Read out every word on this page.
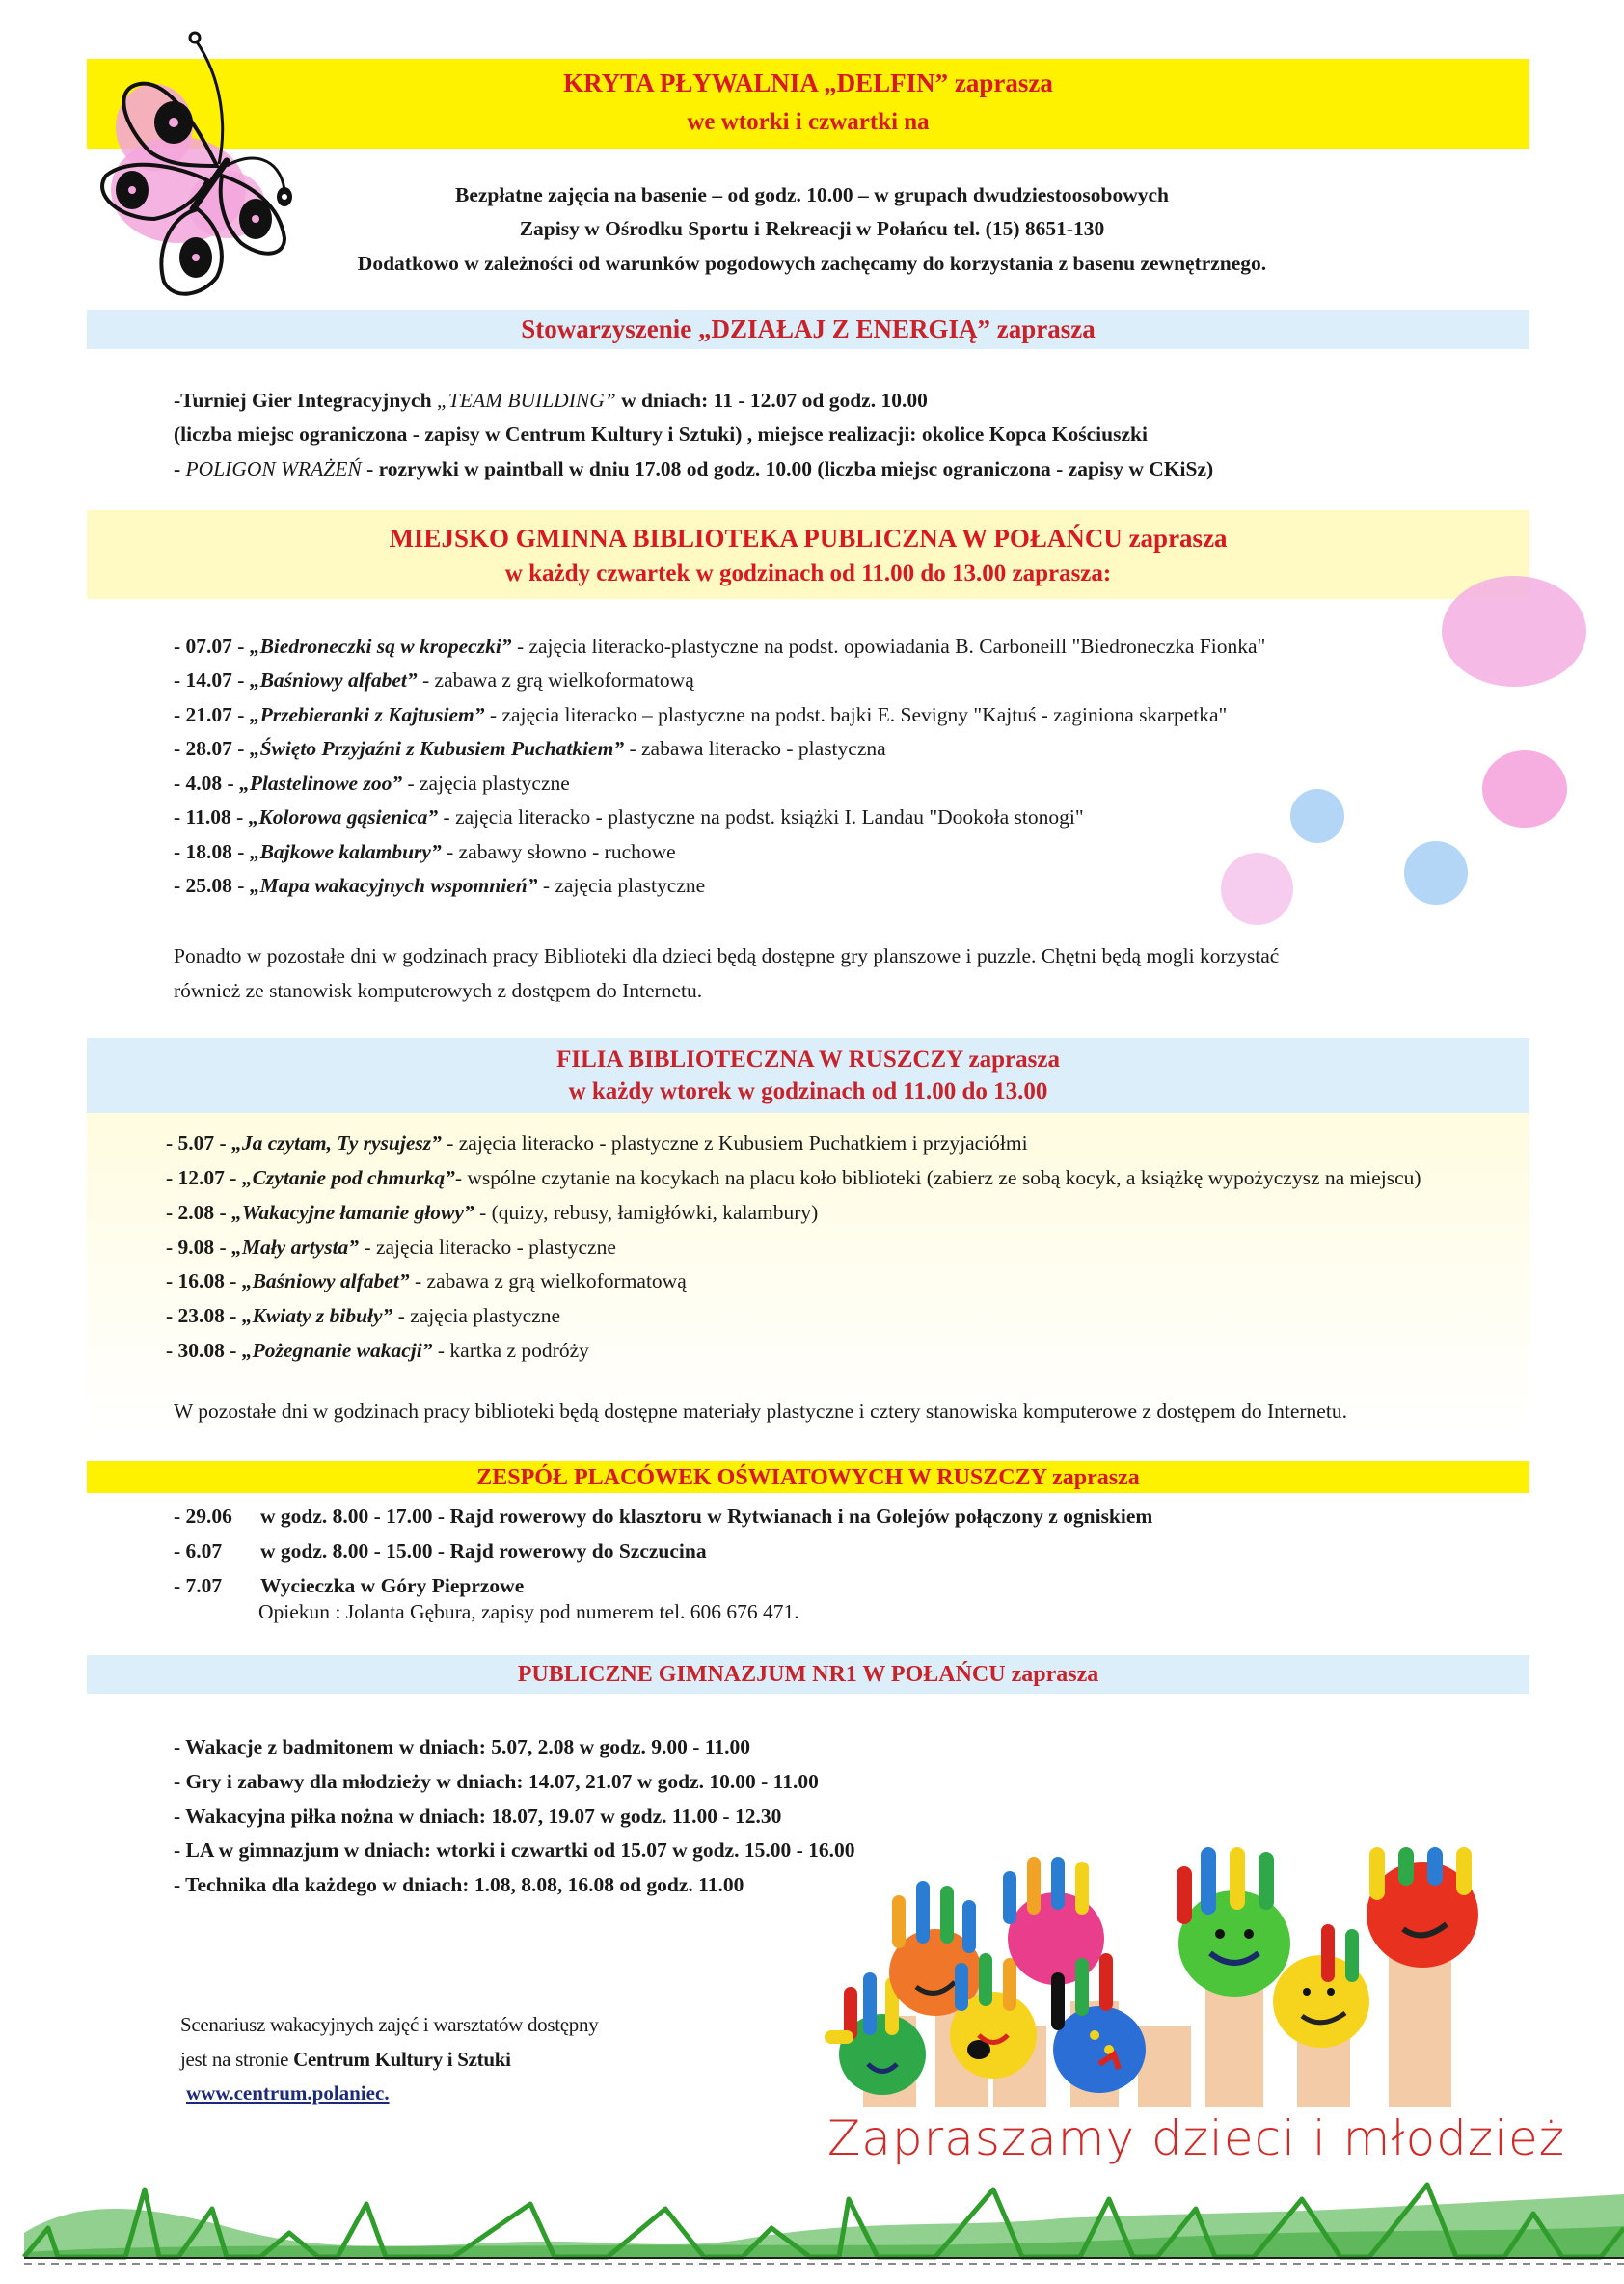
KRYTA PŁYWALNIA „DELFIN” zaprasza
we wtorki i czwartki na
Bezpłatne zajęcia na basenie – od godz. 10.00 – w grupach dwudziestoosobowych
Zapisy w Ośrodku Sportu i Rekreacji w Połańcu tel. (15) 8651-130
Dodatkowo w zależności od warunków pogodowych zachęcamy do korzystania z basenu zewnętrznego.
Stowarzyszenie „DZIAŁAJ Z ENERGIĄ” zaprasza
-Turniej Gier Integracyjnych „TEAM BUILDING” w dniach: 11 - 12.07 od godz. 10.00
(liczba miejsc ograniczona - zapisy w Centrum Kultury i Sztuki) , miejsce realizacji: okolice Kopca Kościuszki
- POLIGON WRAŻEŃ - rozrywki w paintball w dniu 17.08 od godz. 10.00 (liczba miejsc ograniczona - zapisy w CKiSz)
MIEJSKO GMINNA BIBLIOTEKA PUBLICZNA W POŁAŃCU zaprasza
w każdy czwartek w godzinach od 11.00 do 13.00 zaprasza:
- 07.07 - „Biedroneczki są w kropeczki” - zajęcia literacko-plastyczne na podst. opowiadania B. Carboneill "Biedroneczka Fionka"
- 14.07 - „Baśniowy alfabet” - zabawa z grą wielkoformatową
- 21.07 - „Przebieranki z Kajtusiem” - zajęcia literacko – plastyczne na podst. bajki E. Sevigny "Kajtuś - zaginiona skarpetka"
- 28.07 - „Święto Przyjaźni z Kubusiem Puchatkiem” - zabawa literacko - plastyczna
- 4.08 - „Plastelinowe zoo” - zajęcia plastyczne
- 11.08 - „Kolorowa gąsienica” - zajęcia literacko - plastyczne na podst. książki I. Landau "Dookoła stonogi"
- 18.08 - „Bajkowe kalambury” - zabawy słowno - ruchowe
- 25.08 - „Mapa wakacyjnych wspomnień” - zajęcia plastyczne
Ponadto w pozostałe dni w godzinach pracy Biblioteki dla dzieci będą dostępne gry planszowe i puzzle. Chętni będą mogli korzystać
również ze stanowisk komputerowych z dostępem do Internetu.
FILIA BIBLIOTECZNA W RUSZCZY zaprasza
w każdy wtorek w godzinach od 11.00 do 13.00
- 5.07 - „Ja czytam, Ty rysujesz” - zajęcia literacko - plastyczne z Kubusiem Puchatkiem i przyjaciółmi
- 12.07 - „Czytanie pod chmurką”- wspólne czytanie na kocykach na placu koło biblioteki (zabierz ze sobą kocyk, a książkę wypożyczysz na miejscu)
- 2.08 - „Wakacyjne łamanie głowy” - (quizy, rebusy, łamigłówki, kalambury)
- 9.08 - „Mały artysta” - zajęcia literacko - plastyczne
- 16.08 - „Baśniowy alfabet” - zabawa z grą wielkoformatową
- 23.08 - „Kwiaty z bibuły” - zajęcia plastyczne
- 30.08 - „Pożegnanie wakacji” - kartka z podróży
W pozostałe dni w godzinach pracy biblioteki będą dostępne materiały plastyczne i cztery stanowiska komputerowe z dostępem do Internetu.
ZESPÓŁ PLACÓWEK OŚWIATOWYCH W RUSZCZY zaprasza
- 29.06 w godz. 8.00 - 17.00 - Rajd rowerowy do klasztoru w Rytwianach i na Golejów połączony z ogniskiem
- 6.07 w godz. 8.00 - 15.00 - Rajd rowerowy do Szczucina
- 7.07 Wycieczka w Góry Pieprzowe
Opiekun : Jolanta Gębura, zapisy pod numerem tel. 606 676 471.
PUBLICZNE GIMNAZJUM NR1 W POŁAŃCU zaprasza
- Wakacje z badmitonem w dniach: 5.07, 2.08 w godz. 9.00 - 11.00
- Gry i zabawy dla młodzieży w dniach: 14.07, 21.07 w godz. 10.00 - 11.00
- Wakacyjna piłka nożna w dniach: 18.07, 19.07 w godz. 11.00 - 12.30
- LA w gimnazjum w dniach: wtorki i czwartki od 15.07 w godz. 15.00 - 16.00
- Technika dla każdego w dniach: 1.08, 8.08, 16.08 od godz. 11.00
Scenariusz wakacyjnych zajęć i warsztatów dostępny
jest na stronie Centrum Kultury i Sztuki
www.centrum.polaniec.
Zapraszamy dzieci i młodzież
